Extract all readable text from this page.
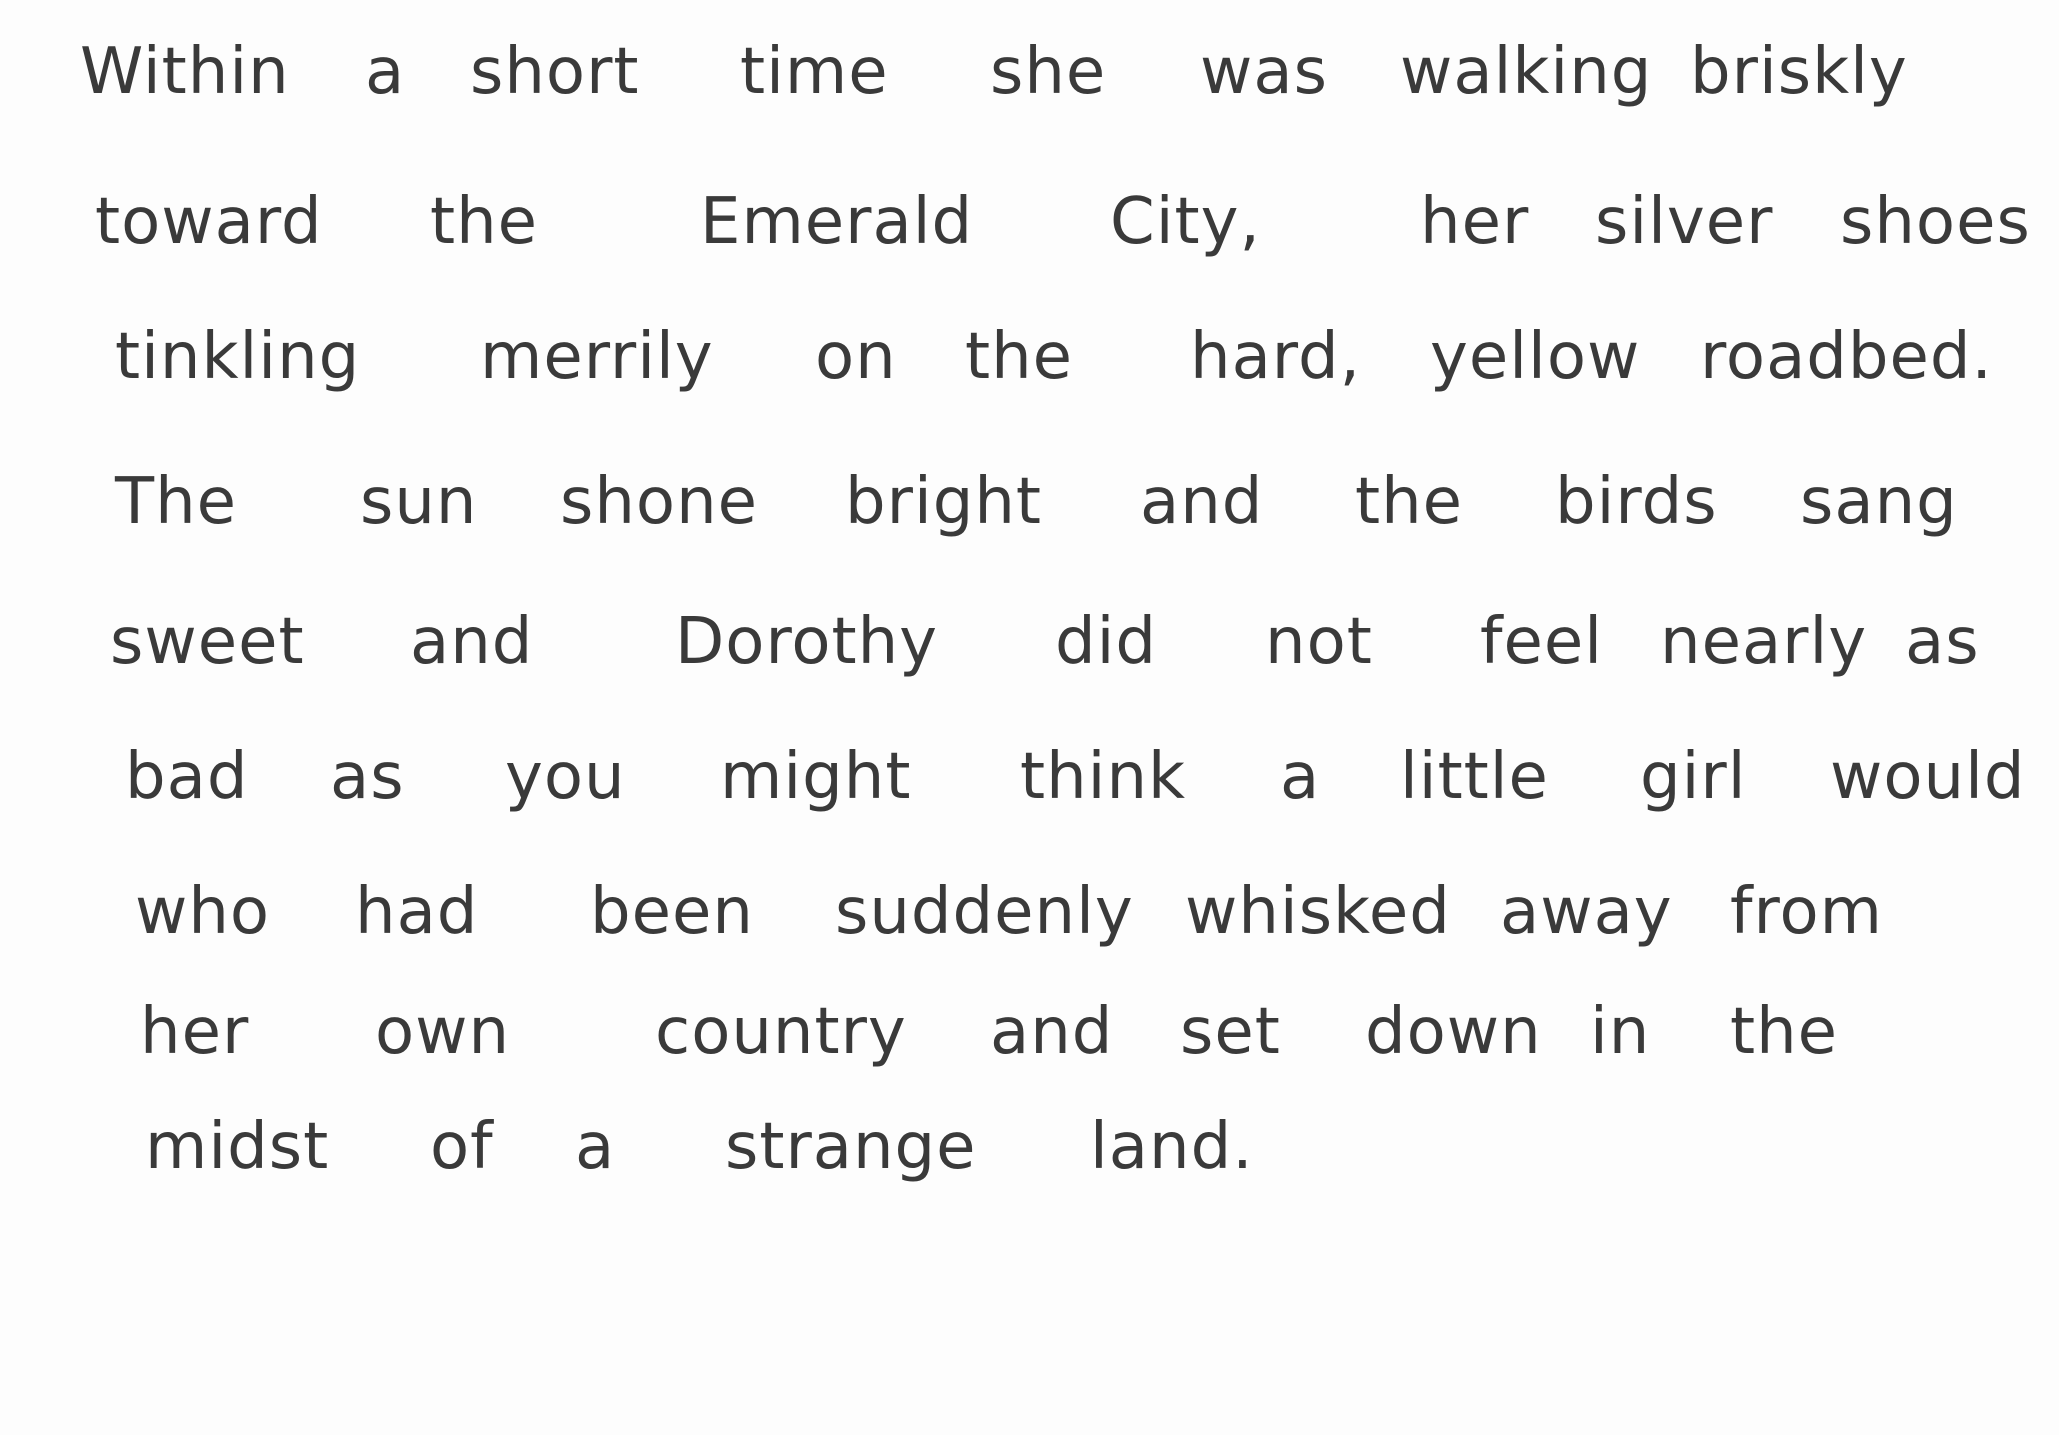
Within a short time she was walking briskly
toward the	Emerald City, her silver shoes
tinkling merrily on the hard, yellow roadbed.
The sun shone bright and the birds sang
sweet and Dorothy did not feel nearly as
bad as you might think a little girl would
who had been suddenly whisked away from
her own country and set down in the
midst of a strange land.
